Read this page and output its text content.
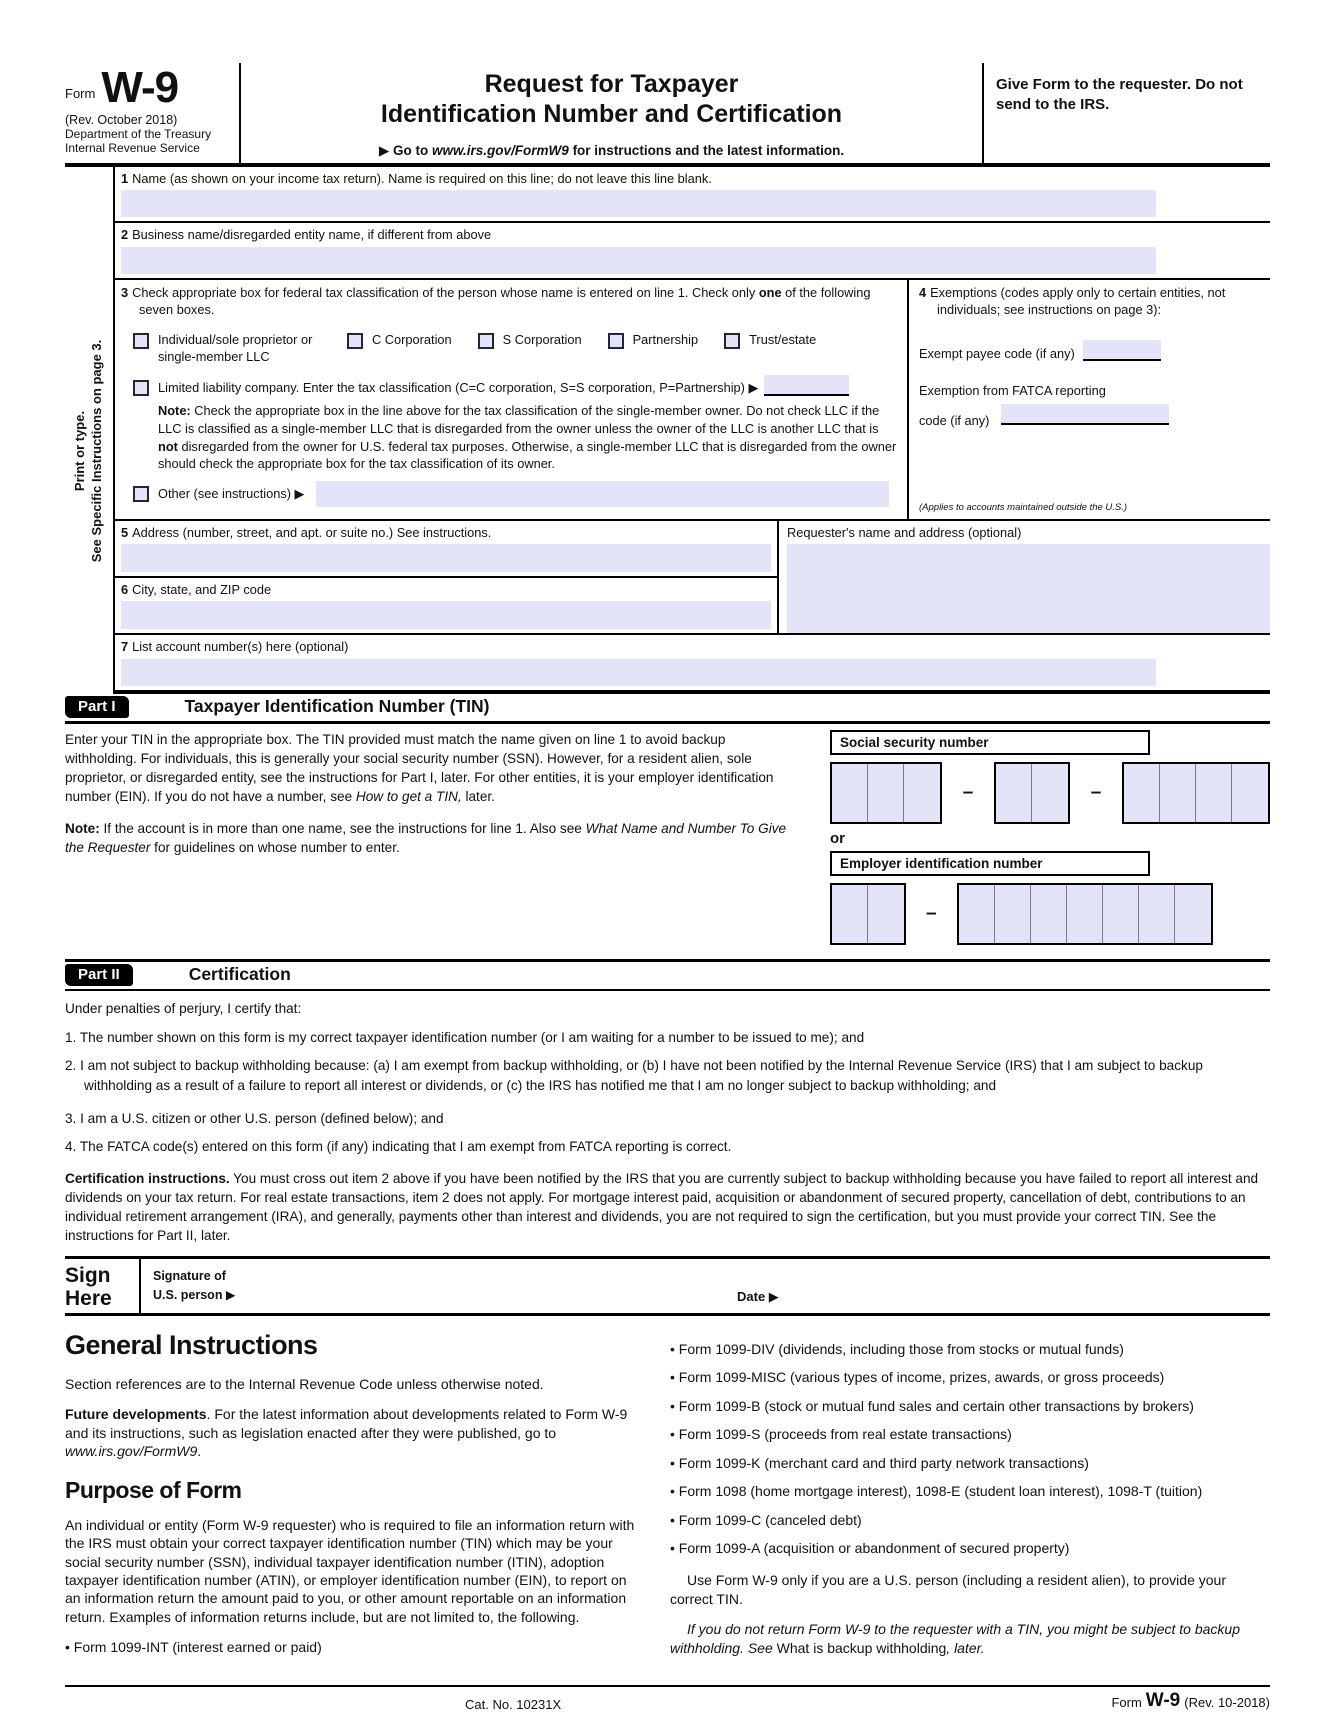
Form W-9
(Rev. October 2018)
Department of the Treasury
Internal Revenue Service
Request for Taxpayer
Identification Number and Certification
▶ Go to www.irs.gov/FormW9 for instructions and the latest information.
Give Form to the requester. Do not send to the IRS.
Print or type. See Specific Instructions on page 3.
1 Name (as shown on your income tax return). Name is required on this line; do not leave this line blank.
2 Business name/disregarded entity name, if different from above
3 Check appropriate box for federal tax classification of the person whose name is entered on line 1. Check only one of the following seven boxes.
Individual/sole proprietor or single-member LLC
C Corporation	S Corporation	Partnership	Trust/estate
Limited liability company. Enter the tax classification (C=C corporation, S=S corporation, P=Partnership) ▶
Note: Check the appropriate box in the line above for the tax classification of the single-member owner. Do not check LLC if the LLC is classified as a single-member LLC that is disregarded from the owner unless the owner of the LLC is another LLC that is not disregarded from the owner for U.S. federal tax purposes. Otherwise, a single-member LLC that is disregarded from the owner should check the appropriate box for the tax classification of its owner.
Other (see instructions) ▶
4 Exemptions (codes apply only to certain entities, not individuals; see instructions on page 3):
Exempt payee code (if any)
Exemption from FATCA reporting
code (if any)
(Applies to accounts maintained outside the U.S.)
5 Address (number, street, and apt. or suite no.) See instructions.
6 City, state, and ZIP code
Requester's name and address (optional)
7 List account number(s) here (optional)
Part I	Taxpayer Identification Number (TIN)

Enter your TIN in the appropriate box. The TIN provided must match the name given on line 1 to avoid backup withholding. For individuals, this is generally your social security number (SSN). However, for a resident alien, sole proprietor, or disregarded entity, see the instructions for Part I, later. For other entities, it is your employer identification number (EIN). If you do not have a number, see How to get a TIN, later.

Note: If the account is in more than one name, see the instructions for line 1. Also see What Name and Number To Give the Requester for guidelines on whose number to enter.

Social security number
–	–
or
Employer identification number
–
Part II	Certification
Under penalties of perjury, I certify that:
1. The number shown on this form is my correct taxpayer identification number (or I am waiting for a number to be issued to me); and
2. I am not subject to backup withholding because: (a) I am exempt from backup withholding, or (b) I have not been notified by the Internal Revenue Service (IRS) that I am subject to backup withholding as a result of a failure to report all interest or dividends, or (c) the IRS has notified me that I am no longer subject to backup withholding; and
3. I am a U.S. citizen or other U.S. person (defined below); and
4. The FATCA code(s) entered on this form (if any) indicating that I am exempt from FATCA reporting is correct.
Certification instructions. You must cross out item 2 above if you have been notified by the IRS that you are currently subject to backup withholding because you have failed to report all interest and dividends on your tax return. For real estate transactions, item 2 does not apply. For mortgage interest paid, acquisition or abandonment of secured property, cancellation of debt, contributions to an individual retirement arrangement (IRA), and generally, payments other than interest and dividends, you are not required to sign the certification, but you must provide your correct TIN. See the instructions for Part II, later.
Sign
Here
Signature of
U.S. person ▶	Date ▶
General Instructions
Section references are to the Internal Revenue Code unless otherwise noted.
Future developments. For the latest information about developments related to Form W-9 and its instructions, such as legislation enacted after they were published, go to www.irs.gov/FormW9.
Purpose of Form
An individual or entity (Form W-9 requester) who is required to file an information return with the IRS must obtain your correct taxpayer identification number (TIN) which may be your social security number (SSN), individual taxpayer identification number (ITIN), adoption taxpayer identification number (ATIN), or employer identification number (EIN), to report on an information return the amount paid to you, or other amount reportable on an information return. Examples of information returns include, but are not limited to, the following.
• Form 1099-INT (interest earned or paid)
• Form 1099-DIV (dividends, including those from stocks or mutual funds)
• Form 1099-MISC (various types of income, prizes, awards, or gross proceeds)
• Form 1099-B (stock or mutual fund sales and certain other transactions by brokers)
• Form 1099-S (proceeds from real estate transactions)
• Form 1099-K (merchant card and third party network transactions)
• Form 1098 (home mortgage interest), 1098-E (student loan interest), 1098-T (tuition)
• Form 1099-C (canceled debt)
• Form 1099-A (acquisition or abandonment of secured property)
Use Form W-9 only if you are a U.S. person (including a resident alien), to provide your correct TIN.
If you do not return Form W-9 to the requester with a TIN, you might be subject to backup withholding. See What is backup withholding, later.
Cat. No. 10231X	Form W-9 (Rev. 10-2018)
